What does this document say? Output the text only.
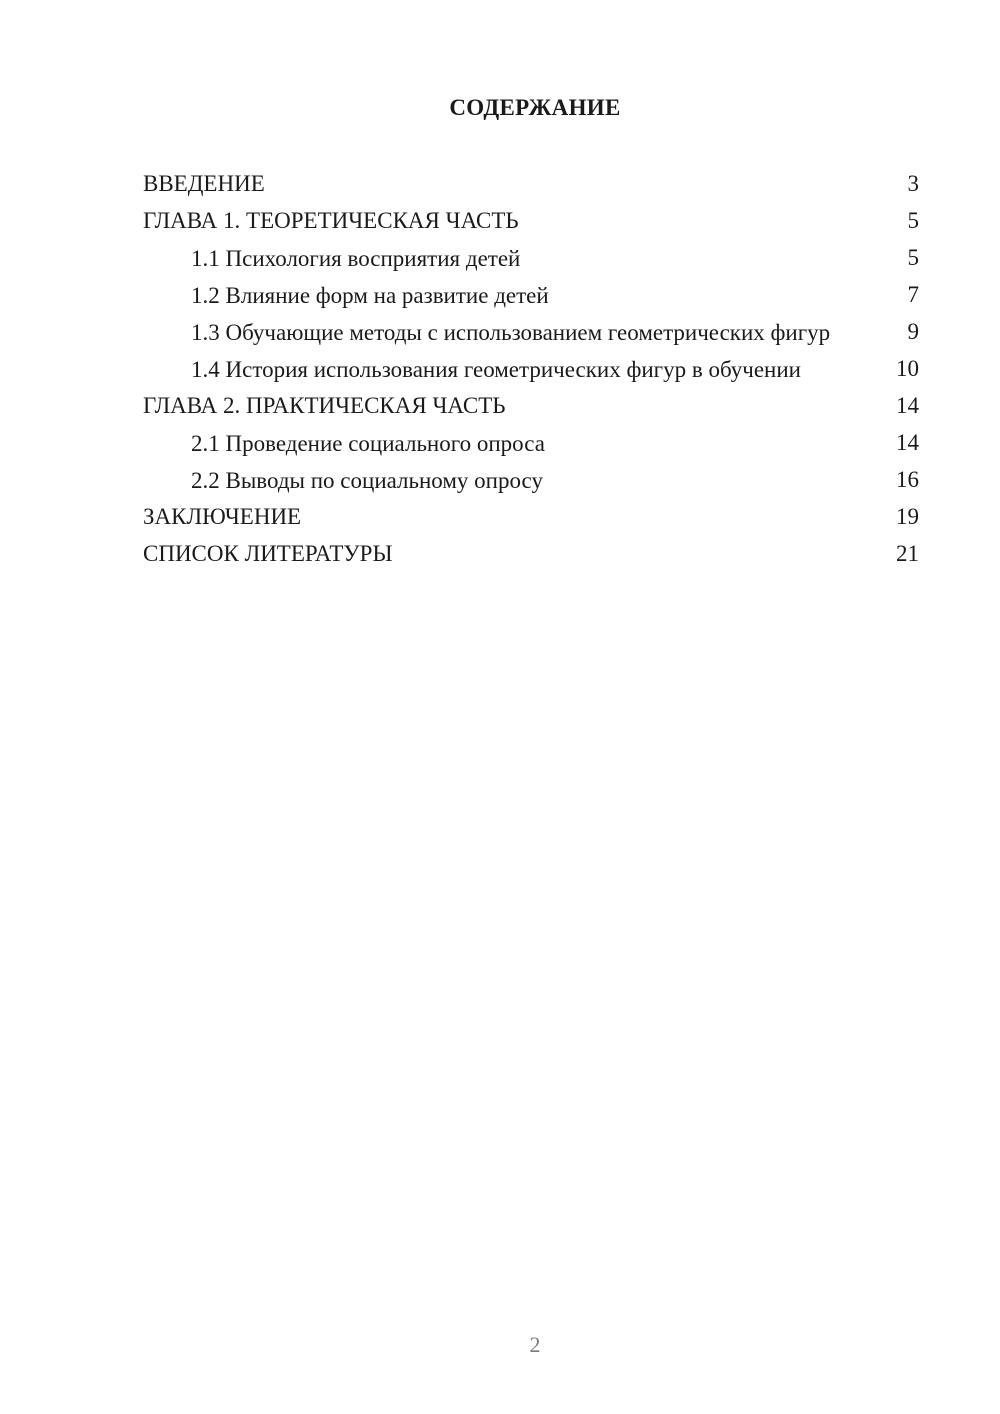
СОДЕРЖАНИЕ
ВВЕДЕНИЕ	3
ГЛАВА 1. ТЕОРЕТИЧЕСКАЯ ЧАСТЬ	5
1.1 Психология восприятия детей	5
1.2 Влияние форм на развитие детей	7
1.3 Обучающие методы с использованием геометрических фигур	9
1.4 История использования геометрических фигур в обучении	10
ГЛАВА 2. ПРАКТИЧЕСКАЯ ЧАСТЬ	14
2.1 Проведение социального опроса	14
2.2 Выводы по социальному опросу	16
ЗАКЛЮЧЕНИЕ	19
СПИСОК ЛИТЕРАТУРЫ	21
2
